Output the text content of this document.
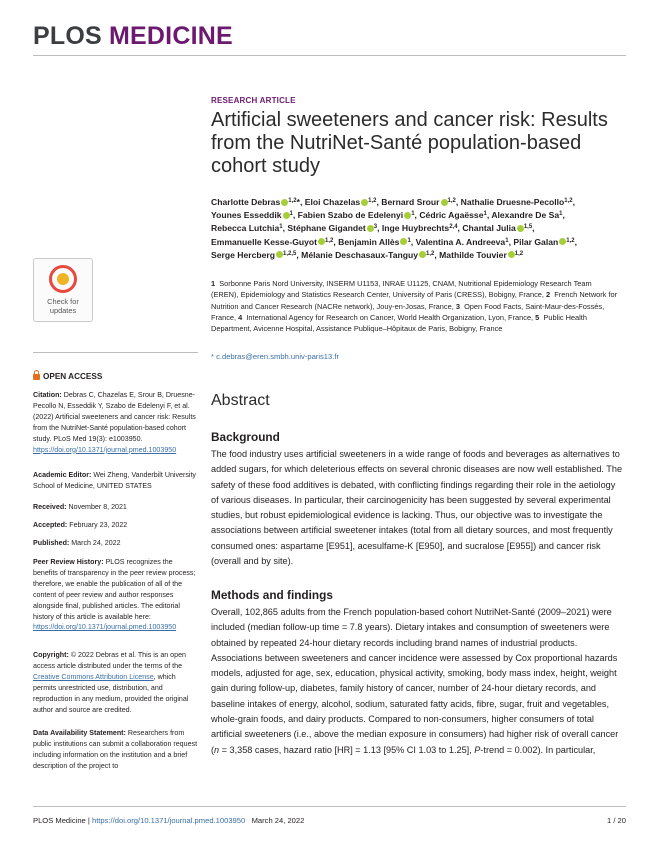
PLOS MEDICINE
RESEARCH ARTICLE
Artificial sweeteners and cancer risk: Results from the NutriNet-Santé population-based cohort study
Charlotte Debras $^{1,2}$*, Eloi Chazelas $^{1,2}$, Bernard Srour $^{1,2}$, Nathalie Druesne-Pecollo$^{1,2}$, Younes Esseddik $^1$, Fabien Szabo de Edelenyi $^1$, Cédric Agaësse$^1$, Alexandre De Sa$^1$, Rebecca Lutchia$^1$, Stéphane Gigandet $^3$, Inge Huybrechts$^{2,4}$, Chantal Julia $^{1,5}$, Emmanuelle Kesse-Guyot $^{1,2}$, Benjamin Allès $^1$, Valentina A. Andreeva$^1$, Pilar Galan $^{1,2}$, Serge Hercberg $^{1,2,5}$, Mélanie Deschasaux-Tanguy $^{1,2}$, Mathilde Touvier $^{1,2}$
1 Sorbonne Paris Nord University, INSERM U1153, INRAE U1125, CNAM, Nutritional Epidemiology Research Team (EREN), Epidemiology and Statistics Research Center, University of Paris (CRESS), Bobigny, France, 2 French Network for Nutrition and Cancer Research (NACRe network), Jouy-en-Josas, France, 3 Open Food Facts, Saint-Maur-des-Fossés, France, 4 International Agency for Research on Cancer, World Health Organization, Lyon, France, 5 Public Health Department, Avicenne Hospital, Assistance Publique–Hôpitaux de Paris, Bobigny, France
* c.debras@eren.smbh.univ-paris13.fr
Abstract
Background
The food industry uses artificial sweeteners in a wide range of foods and beverages as alternatives to added sugars, for which deleterious effects on several chronic diseases are now well established. The safety of these food additives is debated, with conflicting findings regarding their role in the aetiology of various diseases. In particular, their carcinogenicity has been suggested by several experimental studies, but robust epidemiological evidence is lacking. Thus, our objective was to investigate the associations between artificial sweetener intakes (total from all dietary sources, and most frequently consumed ones: aspartame [E951], acesulfame-K [E950], and sucralose [E955]) and cancer risk (overall and by site).
Methods and findings
Overall, 102,865 adults from the French population-based cohort NutriNet-Santé (2009–2021) were included (median follow-up time = 7.8 years). Dietary intakes and consumption of sweeteners were obtained by repeated 24-hour dietary records including brand names of industrial products. Associations between sweeteners and cancer incidence were assessed by Cox proportional hazards models, adjusted for age, sex, education, physical activity, smoking, body mass index, height, weight gain during follow-up, diabetes, family history of cancer, number of 24-hour dietary records, and baseline intakes of energy, alcohol, sodium, saturated fatty acids, fibre, sugar, fruit and vegetables, whole-grain foods, and dairy products. Compared to non-consumers, higher consumers of total artificial sweeteners (i.e., above the median exposure in consumers) had higher risk of overall cancer (n = 3,358 cases, hazard ratio [HR] = 1.13 [95% CI 1.03 to 1.25], P-trend = 0.002). In particular,
Check for updates
OPEN ACCESS
Citation: Debras C, Chazelas E, Srour B, Druesne-Pecollo N, Esseddik Y, Szabo de Edelenyi F, et al. (2022) Artificial sweeteners and cancer risk: Results from the NutriNet-Santé population-based cohort study. PLoS Med 19(3): e1003950. https://doi.org/10.1371/journal.pmed.1003950
Academic Editor: Wei Zheng, Vanderbilt University School of Medicine, UNITED STATES
Received: November 8, 2021
Accepted: February 23, 2022
Published: March 24, 2022
Peer Review History: PLOS recognizes the benefits of transparency in the peer review process; therefore, we enable the publication of all of the content of peer review and author responses alongside final, published articles. The editorial history of this article is available here: https://doi.org/10.1371/journal.pmed.1003950
Copyright: © 2022 Debras et al. This is an open access article distributed under the terms of the Creative Commons Attribution License, which permits unrestricted use, distribution, and reproduction in any medium, provided the original author and source are credited.
Data Availability Statement: Researchers from public institutions can submit a collaboration request including information on the institution and a brief description of the project to
PLOS Medicine | https://doi.org/10.1371/journal.pmed.1003950 March 24, 2022	1 / 20
